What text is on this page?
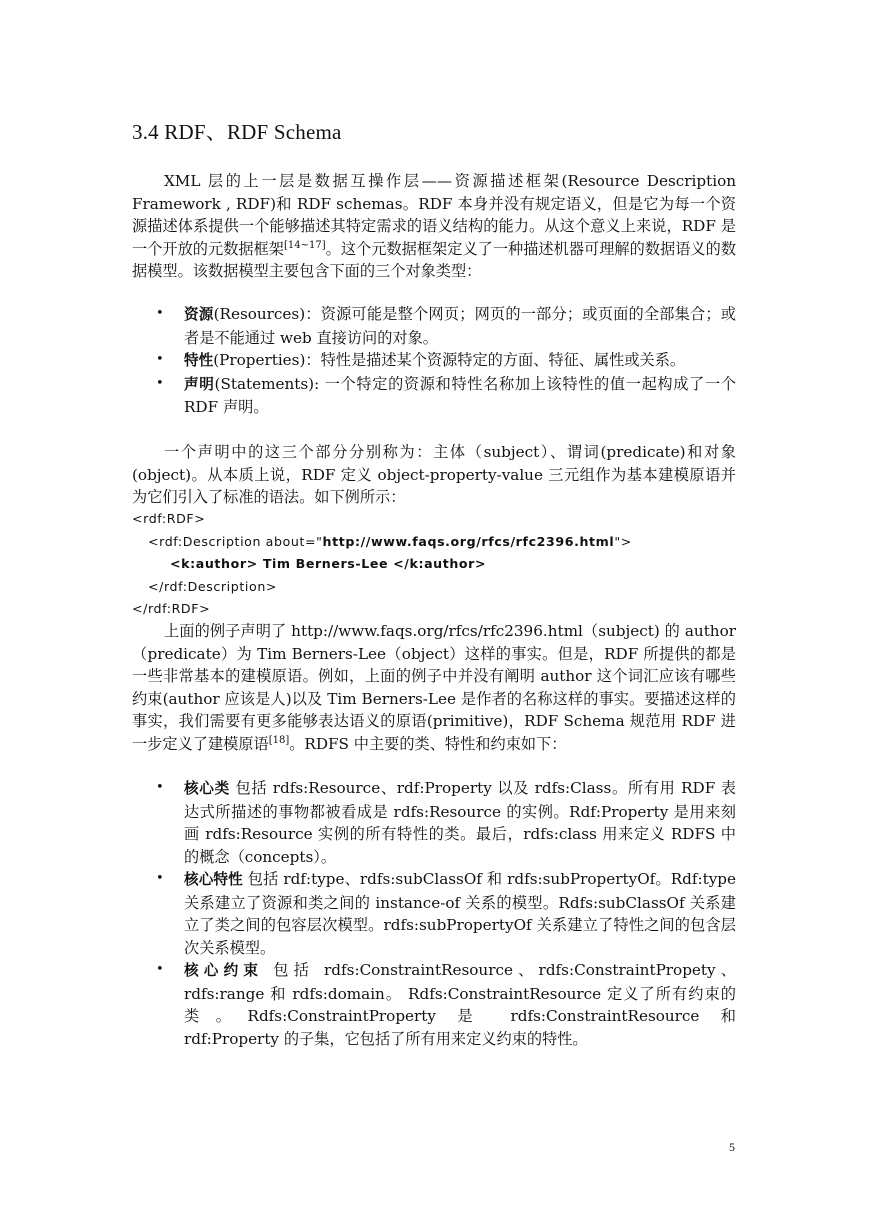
3.4 RDF、RDF Schema

XML 层的上一层是数据互操作层——资源描述框架(Resource Description Framework , RDF)和 RDF schemas。RDF 本身并没有规定语义，但是它为每一个资源描述体系提供一个能够描述其特定需求的语义结构的能力。从这个意义上来说，RDF 是一个开放的元数据框架[14~17]。这个元数据框架定义了一种描述机器可理解的数据语义的数据模型。该数据模型主要包含下面的三个对象类型：

• 资源(Resources)：资源可能是整个网页；网页的一部分；或页面的全部集合；或者是不能通过 web 直接访问的对象。
• 特性(Properties)：特性是描述某个资源特定的方面、特征、属性或关系。
• 声明(Statements): 一个特定的资源和特性名称加上该特性的值一起构成了一个 RDF 声明。

一个声明中的这三个部分分别称为：主体（subject）、谓词(predicate)和对象(object)。从本质上说，RDF 定义 object-property-value 三元组作为基本建模原语并为它们引入了标准的语法。如下例所示：

<rdf:RDF>
<rdf:Description about="http://www.faqs.org/rfcs/rfc2396.html">
<k:author> Tim Berners-Lee </k:author>
</rdf:Description>
</rdf:RDF>

上面的例子声明了 http://www.faqs.org/rfcs/rfc2396.html（subject) 的 author（predicate）为 Tim Berners-Lee（object）这样的事实。但是，RDF 所提供的都是一些非常基本的建模原语。例如，上面的例子中并没有阐明 author 这个词汇应该有哪些约束(author 应该是人)以及 Tim Berners-Lee 是作者的名称这样的事实。要描述这样的事实，我们需要有更多能够表达语义的原语(primitive)，RDF Schema 规范用 RDF 进一步定义了建模原语[18]。RDFS 中主要的类、特性和约束如下：

• 核心类 包括 rdfs:Resource、rdf:Property 以及 rdfs:Class。所有用 RDF 表达式所描述的事物都被看成是 rdfs:Resource 的实例。Rdf:Property 是用来刻画 rdfs:Resource 实例的所有特性的类。最后，rdfs:class 用来定义 RDFS 中的概念（concepts）。
• 核心特性 包括 rdf:type、rdfs:subClassOf 和 rdfs:subPropertyOf。Rdf:type 关系建立了资源和类之间的 instance-of 关系的模型。Rdfs:subClassOf 关系建立了类之间的包容层次模型。rdfs:subPropertyOf 关系建立了特性之间的包含层次关系模型。
• 核心约束 包括 rdfs:ConstraintResource、rdfs:ConstraintPropety、rdfs:range 和 rdfs:domain。 Rdfs:ConstraintResource 定义了所有约束的类。Rdfs:ConstraintProperty 是 rdfs:ConstraintResource 和 rdf:Property 的子集，它包括了所有用来定义约束的特性。
5
